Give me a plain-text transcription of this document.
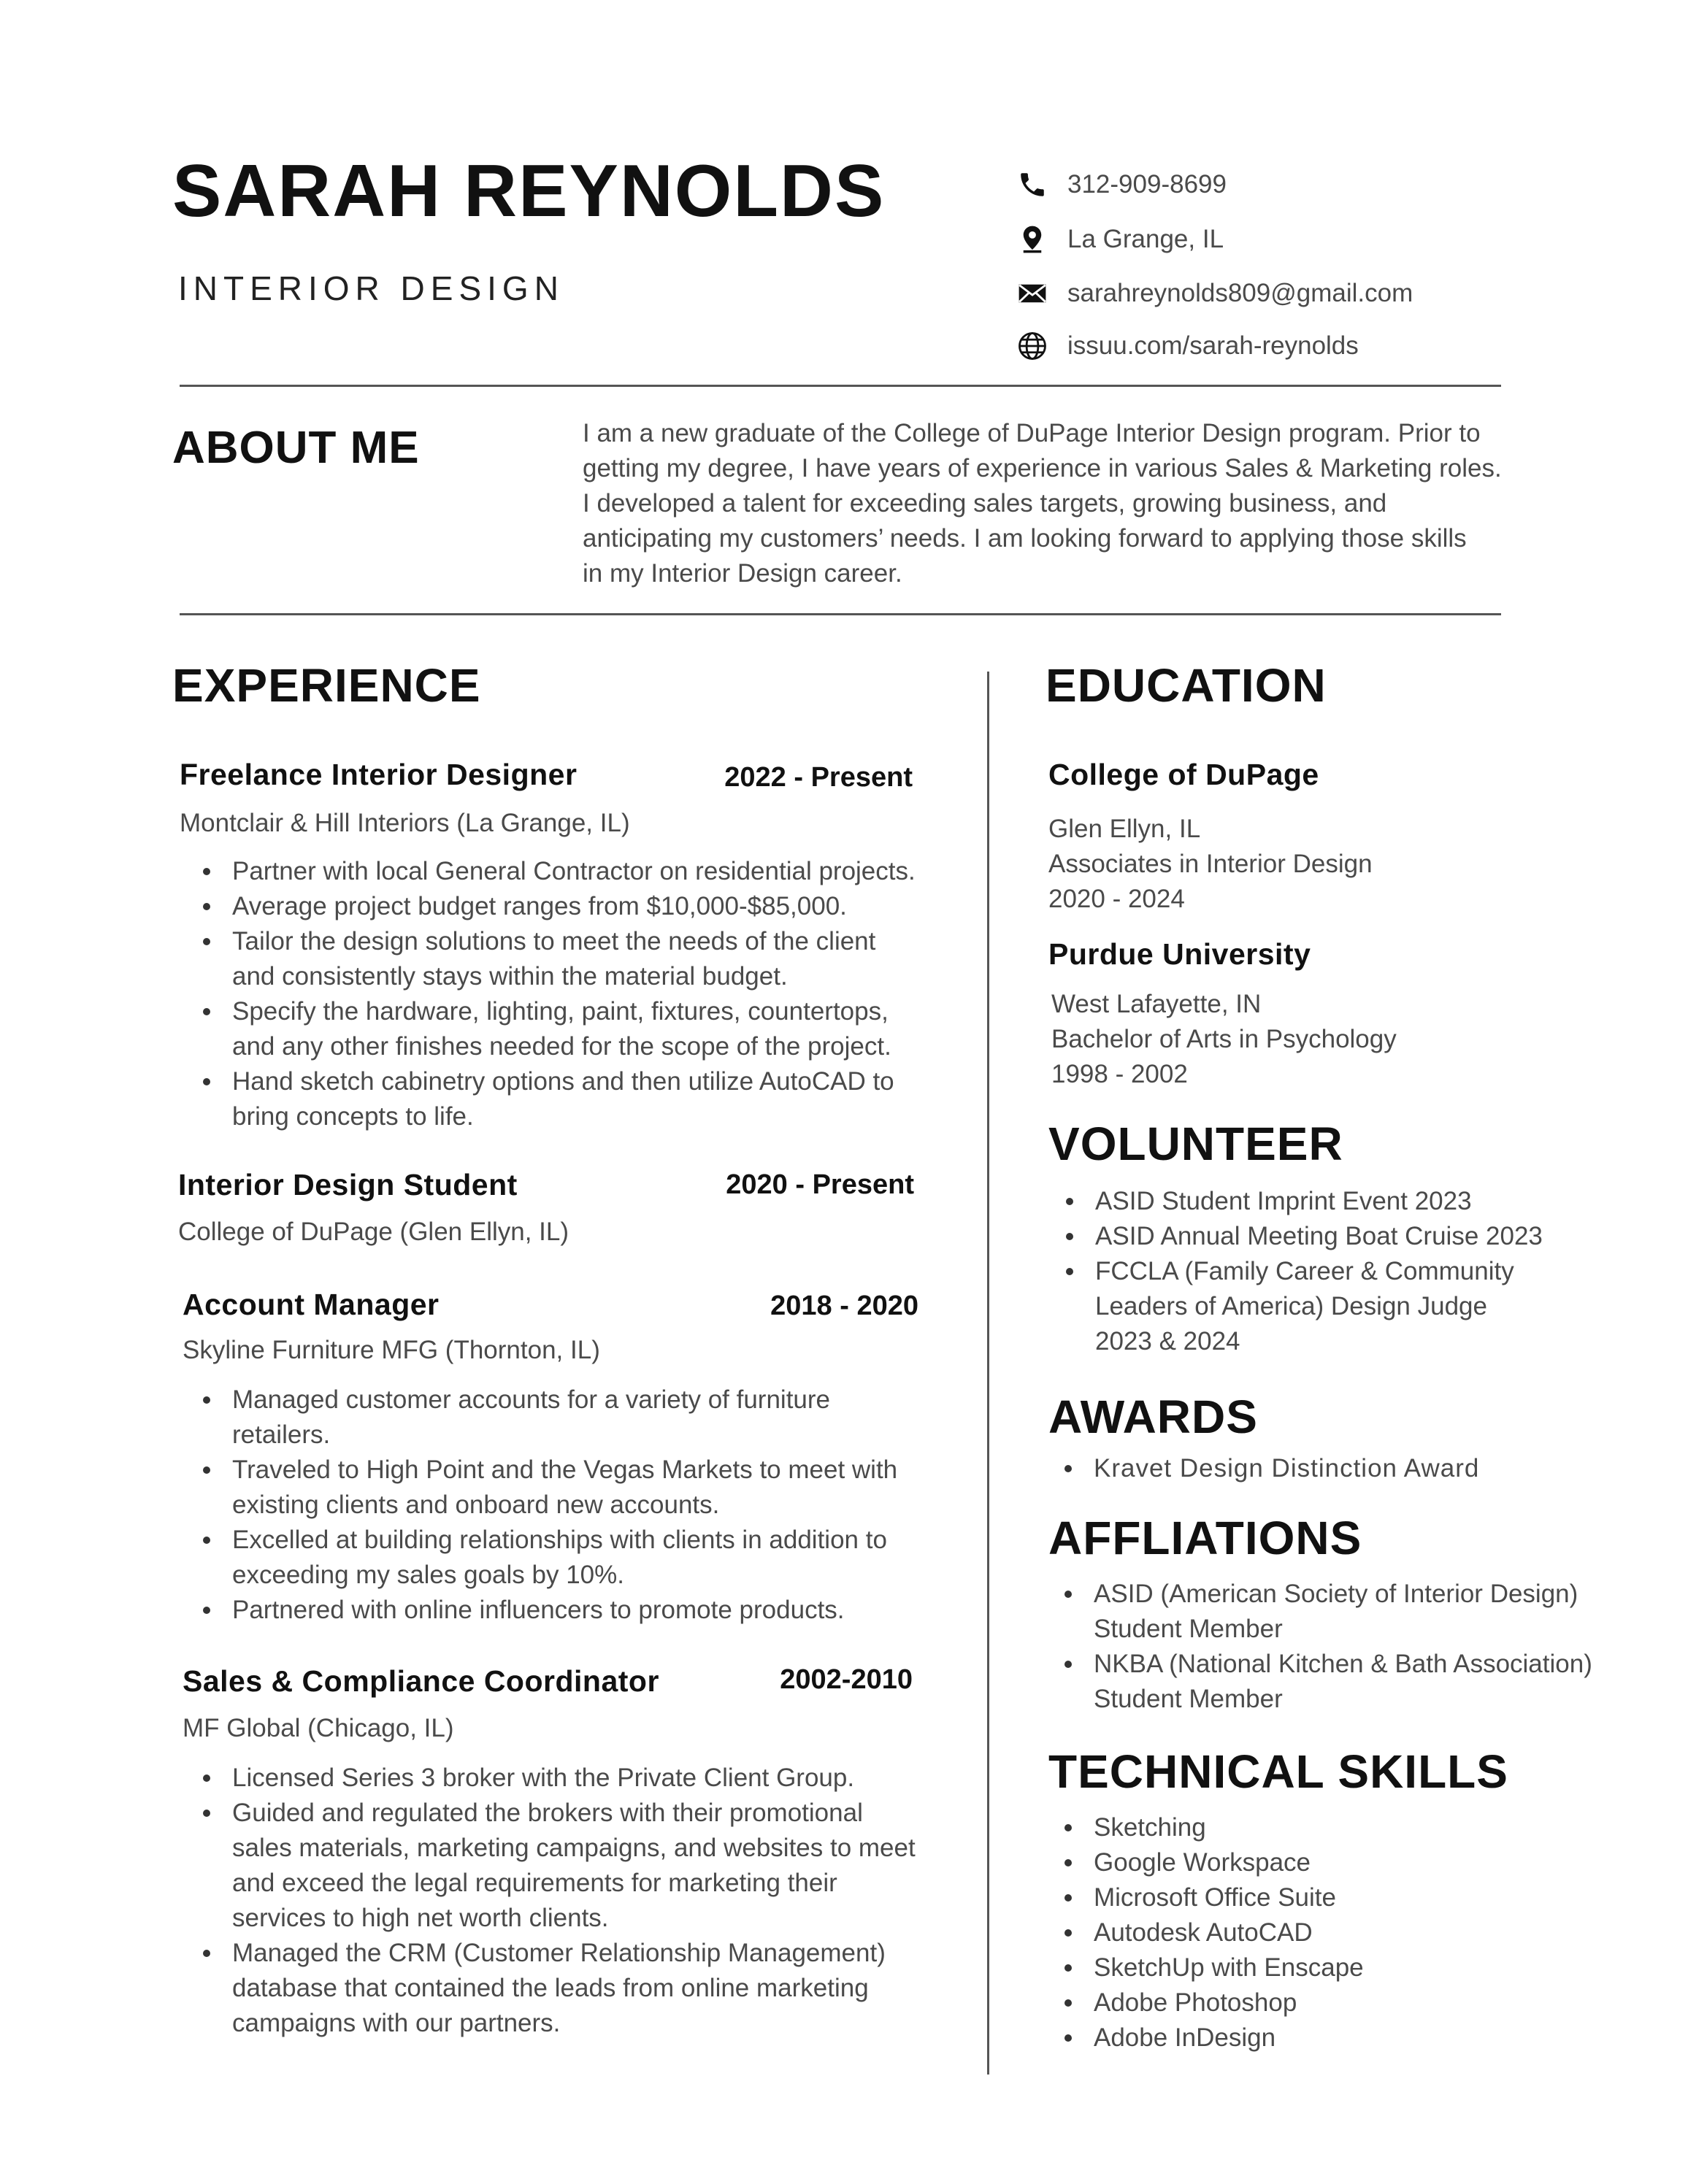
SARAH REYNOLDS
INTERIOR DESIGN
312-909-8699
La Grange, IL
sarahreynolds809@gmail.com
issuu.com/sarah-reynolds
ABOUT ME	I am a new graduate of the College of DuPage Interior Design program. Prior to
getting my degree, I have years of experience in various Sales & Marketing roles.
I developed a talent for exceeding sales targets, growing business, and
anticipating my customers’ needs. I am looking forward to applying those skills
in my Interior Design career.
EXPERIENCE
Freelance Interior Designer	2022 - Present
Montclair & Hill Interiors (La Grange, IL)
Partner with local General Contractor on residential projects.
Average project budget ranges from $10,000-$85,000.
Tailor the design solutions to meet the needs of the client
and consistently stays within the material budget.
Specify the hardware, lighting, paint, fixtures, countertops,
and any other finishes needed for the scope of the project.
Hand sketch cabinetry options and then utilize AutoCAD to
bring concepts to life.
Interior Design Student	2020 - Present
College of DuPage (Glen Ellyn, IL)
Account Manager	2018 - 2020
Skyline Furniture MFG (Thornton, IL)
Managed customer accounts for a variety of furniture
retailers.
Traveled to High Point and the Vegas Markets to meet with
existing clients and onboard new accounts.
Excelled at building relationships with clients in addition to
exceeding my sales goals by 10%.
Partnered with online influencers to promote products.
Sales & Compliance Coordinator	2002-2010
MF Global (Chicago, IL)
Licensed Series 3 broker with the Private Client Group.
Guided and regulated the brokers with their promotional
sales materials, marketing campaigns, and websites to meet
and exceed the legal requirements for marketing their
services to high net worth clients.
Managed the CRM (Customer Relationship Management)
database that contained the leads from online marketing
campaigns with our partners.
EDUCATION
College of DuPage
Glen Ellyn, IL
Associates in Interior Design
2020 - 2024
Purdue University
West Lafayette, IN
Bachelor of Arts in Psychology
1998 - 2002
VOLUNTEER
ASID Student Imprint Event 2023
ASID Annual Meeting Boat Cruise 2023
FCCLA (Family Career & Community
Leaders of America) Design Judge
2023 & 2024
AWARDS
Kravet Design Distinction Award
AFFLIATIONS
ASID (American Society of Interior Design)
Student Member
NKBA (National Kitchen & Bath Association)
Student Member
TECHNICAL SKILLS
Sketching
Google Workspace
Microsoft Office Suite
Autodesk AutoCAD
SketchUp with Enscape
Adobe Photoshop
Adobe InDesign
